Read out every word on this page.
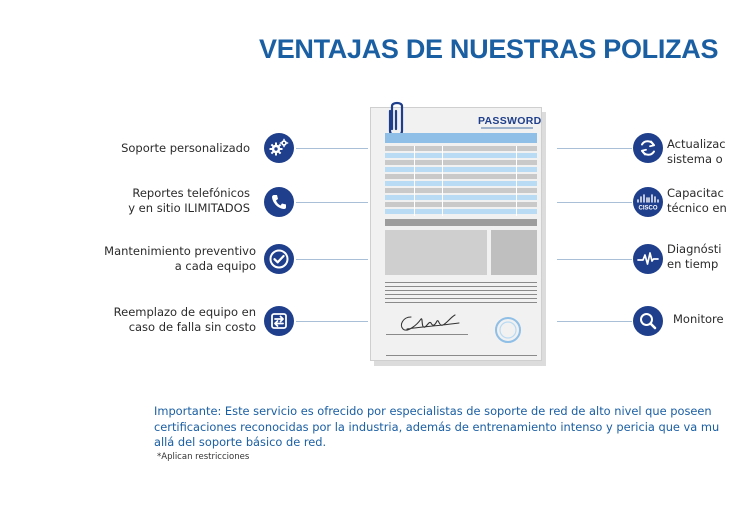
VENTAJAS DE NUESTRAS POLIZAS
Soporte personalizado
Reportes telefónicos
y en sitio ILIMITADOS
Mantenimiento preventivo
a cada equipo
Reemplazo de equipo en
caso de falla sin costo
PASSWORD
Actualizac
sistema o
CISCO
Capacitac
técnico en
Diagnósti
en tiemp
Monitore
Importante: Este servicio es ofrecido por especialistas de soporte de red de alto nivel que poseen
certificaciones reconocidas por la industria, además de entrenamiento intenso y pericia que va mu
allá del soporte básico de red.
*Aplican restricciones
